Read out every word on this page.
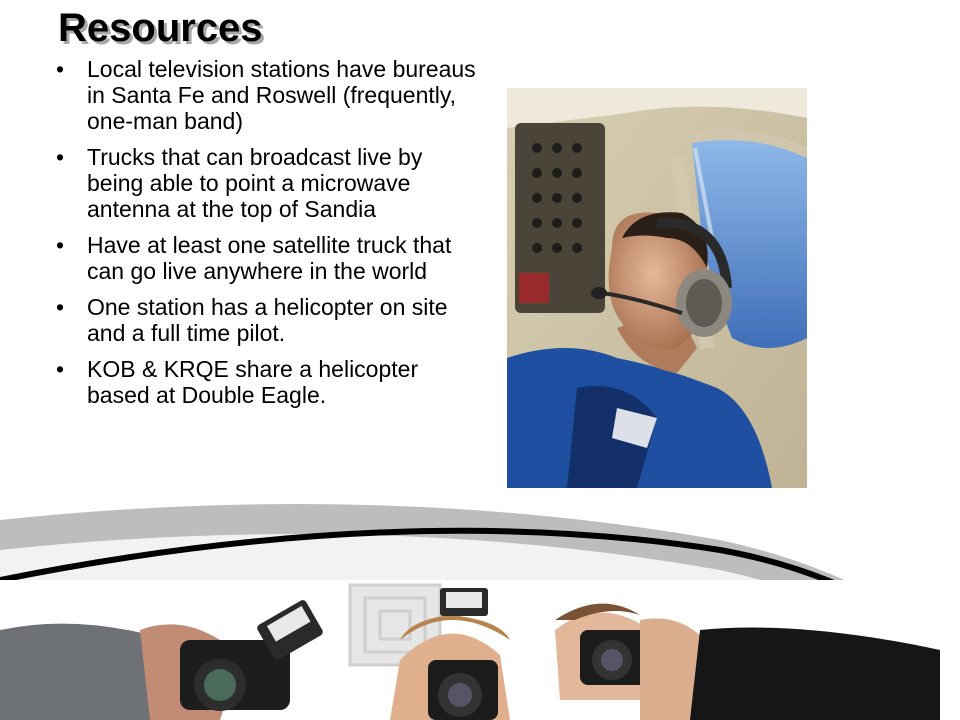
Resources
• Local television stations have bureaus in Santa Fe and Roswell (frequently, one-man band)
• Trucks that can broadcast live by being able to point a microwave antenna at the top of Sandia
• Have at least one satellite truck that can go live anywhere in the world
• One station has a helicopter on site and a full time pilot.
• KOB & KRQE share a helicopter based at Double Eagle.
